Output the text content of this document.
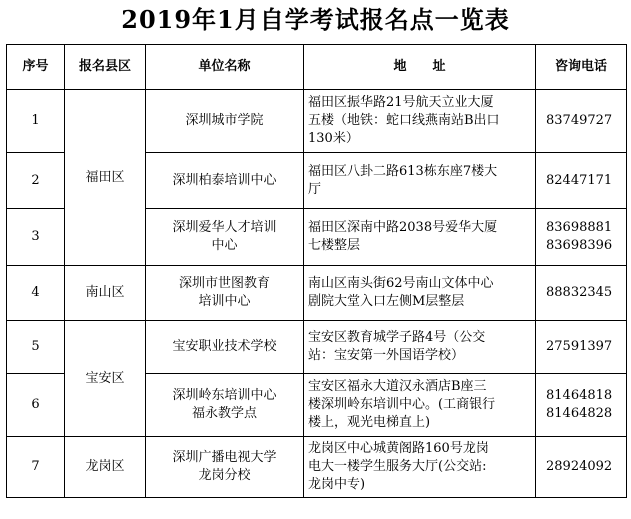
2019年1月自学考试报名点一览表
序号	报名县区	单位名称	地　　址	咨询电话
1	福田区	深圳城市学院	福田区振华路21号航天立业大厦
五楼（地铁：蛇口线燕南站B出口
130米）	83749727

2		深圳柏泰培训中心	福田区八卦二路613栋东座7楼大
厅	82447171

3		深圳爱华人才培训
中心	福田区深南中路2038号爱华大厦
七楼整层	83698881
83698396

4	南山区	深圳市世图教育
培训中心	南山区南头街62号南山文体中心
剧院大堂入口左侧M层整层	88832345

5	宝安区	宝安职业技术学校	宝安区教育城学子路4号（公交
站：宝安第一外国语学校）	27591397

6		深圳岭东培训中心
福永教学点	宝安区福永大道汉永酒店B座三
楼深圳岭东培训中心。(工商银行
楼上，观光电梯直上)	81464818
81464828

7	龙岗区	深圳广播电视大学
龙岗分校	龙岗区中心城黄阁路160号龙岗
电大一楼学生服务大厅(公交站:
龙岗中专)	28924092
